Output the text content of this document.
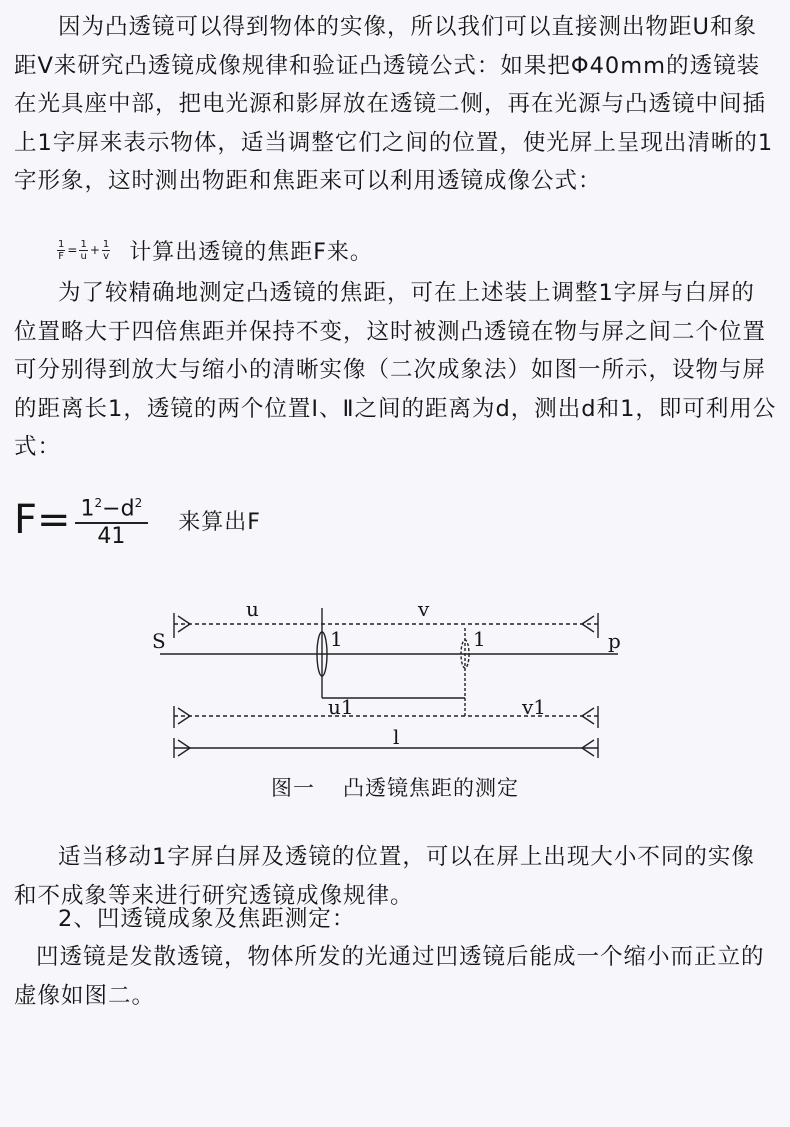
因为凸透镜可以得到物体的实像，所以我们可以直接测出物距U和象距V来研究凸透镜成像规律和验证凸透镜公式：如果把Φ40mm的透镜装在光具座中部，把电光源和影屏放在透镜二侧，再在光源与凸透镜中间插上1字屏来表示物体，适当调整它们之间的位置，使光屏上呈现出清晰的1字形象，这时测出物距和焦距来可以利用透镜成像公式：

$\frac{1}{F} = \frac{1}{u} + \frac{1}{v}$ 计算出透镜的焦距F来。

为了较精确地测定凸透镜的焦距，可在上述装上调整1字屏与白屏的位置略大于四倍焦距并保持不变，这时被测凸透镜在物与屏之间二个位置可分别得到放大与缩小的清晰实像（二次成象法）如图一所示，设物与屏的距离长1，透镜的两个位置Ⅰ、Ⅱ之间的距离为d，测出d和1，即可利用公式：

$F= \frac{1^2-d^2}{41}$ 来算出F
u	v
S	p
1	1
u1	v1
l
图一 凸透镜焦距的测定

适当移动1字屏白屏及透镜的位置，可以在屏上出现大小不同的实像和不成象等来进行研究透镜成像规律。

2、凹透镜成象及焦距测定：

凹透镜是发散透镜，物体所发的光通过凹透镜后能成一个缩小而正立的虚像如图二。
